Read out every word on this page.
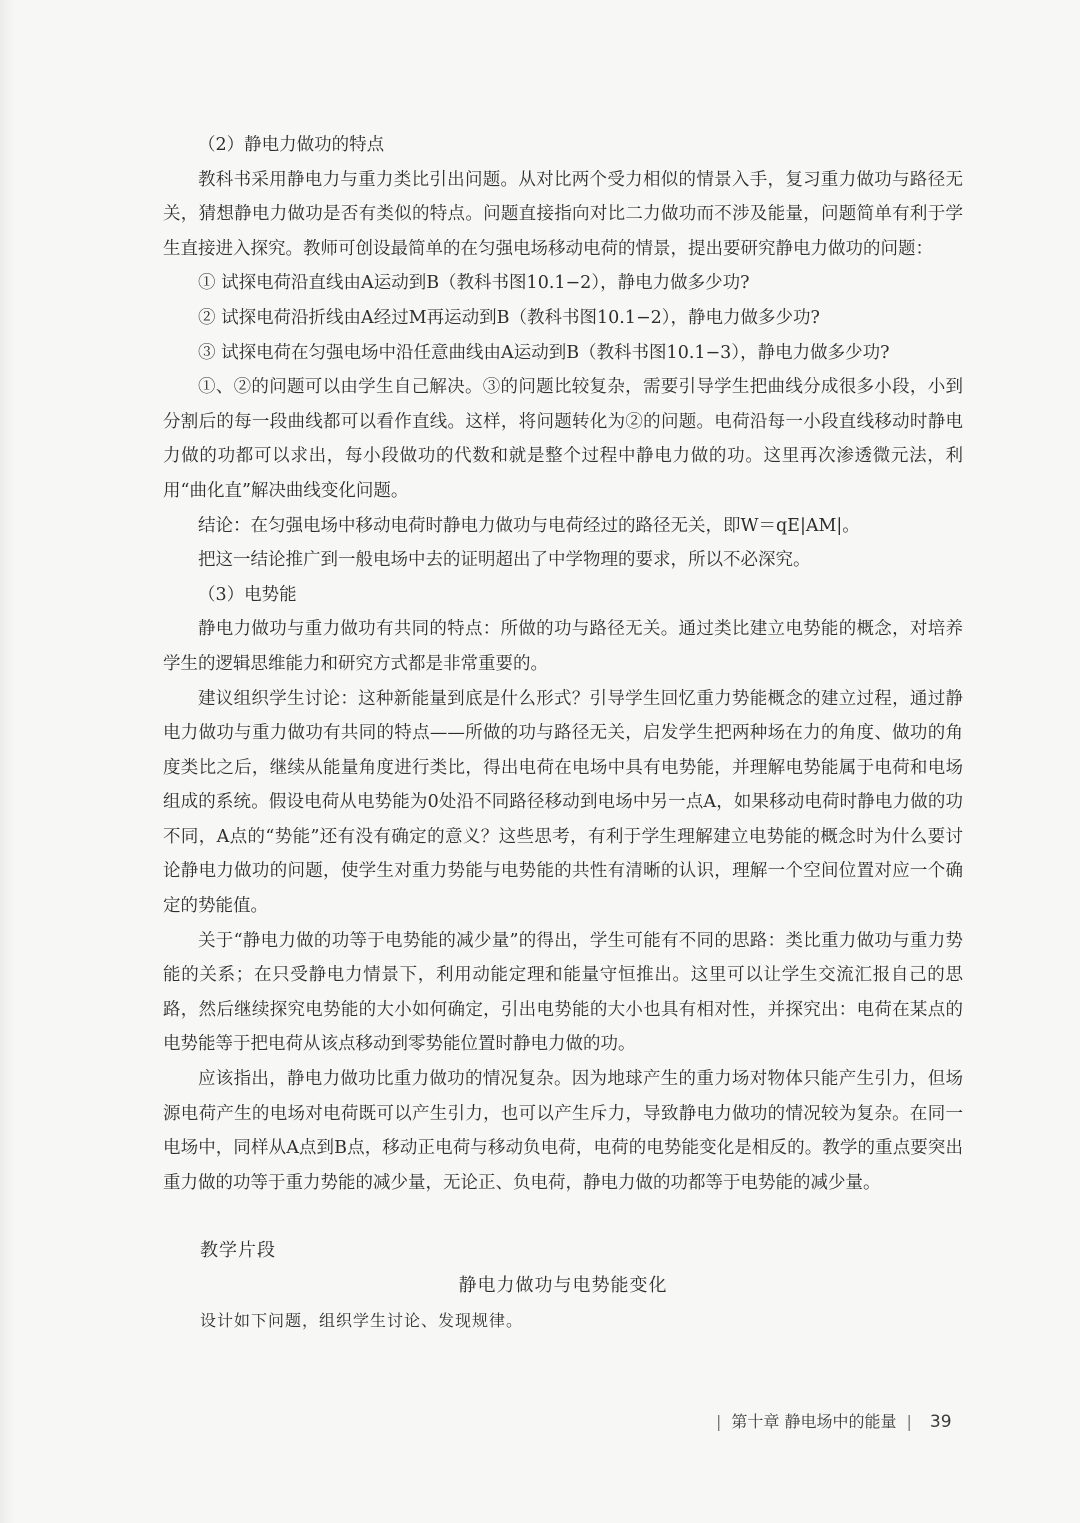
（2）静电力做功的特点

教科书采用静电力与重力类比引出问题。从对比两个受力相似的情景入手，复习重力做功与路径无关，猜想静电力做功是否有类似的特点。问题直接指向对比二力做功而不涉及能量，问题简单有利于学生直接进入探究。教师可创设最简单的在匀强电场移动电荷的情景，提出要研究静电力做功的问题：

① 试探电荷沿直线由A运动到B（教科书图10.1−2），静电力做多少功?

② 试探电荷沿折线由A经过M再运动到B（教科书图10.1−2），静电力做多少功?

③ 试探电荷在匀强电场中沿任意曲线由A运动到B（教科书图10.1−3），静电力做多少功?

①、②的问题可以由学生自己解决。③的问题比较复杂，需要引导学生把曲线分成很多小段，小到分割后的每一段曲线都可以看作直线。这样，将问题转化为②的问题。电荷沿每一小段直线移动时静电力做的功都可以求出，每小段做功的代数和就是整个过程中静电力做的功。这里再次渗透微元法，利用“曲化直”解决曲线变化问题。

结论：在匀强电场中移动电荷时静电力做功与电荷经过的路径无关，即W＝qE|AM|。

把这一结论推广到一般电场中去的证明超出了中学物理的要求，所以不必深究。

（3）电势能

静电力做功与重力做功有共同的特点：所做的功与路径无关。通过类比建立电势能的概念，对培养学生的逻辑思维能力和研究方式都是非常重要的。

建议组织学生讨论：这种新能量到底是什么形式？引导学生回忆重力势能概念的建立过程，通过静电力做功与重力做功有共同的特点——所做的功与路径无关，启发学生把两种场在力的角度、做功的角度类比之后，继续从能量角度进行类比，得出电荷在电场中具有电势能，并理解电势能属于电荷和电场组成的系统。假设电荷从电势能为0处沿不同路径移动到电场中另一点A，如果移动电荷时静电力做的功不同，A点的“势能”还有没有确定的意义？这些思考，有利于学生理解建立电势能的概念时为什么要讨论静电力做功的问题，使学生对重力势能与电势能的共性有清晰的认识，理解一个空间位置对应一个确定的势能值。

关于“静电力做的功等于电势能的减少量”的得出，学生可能有不同的思路：类比重力做功与重力势能的关系；在只受静电力情景下，利用动能定理和能量守恒推出。这里可以让学生交流汇报自己的思路，然后继续探究电势能的大小如何确定，引出电势能的大小也具有相对性，并探究出：电荷在某点的电势能等于把电荷从该点移动到零势能位置时静电力做的功。

应该指出，静电力做功比重力做功的情况复杂。因为地球产生的重力场对物体只能产生引力，但场源电荷产生的电场对电荷既可以产生引力，也可以产生斥力，导致静电力做功的情况较为复杂。在同一电场中，同样从A点到B点，移动正电荷与移动负电荷，电荷的电势能变化是相反的。教学的重点要突出重力做的功等于重力势能的减少量，无论正、负电荷，静电力做的功都等于电势能的减少量。

教学片段

静电力做功与电势能变化

设计如下问题，组织学生讨论、发现规律。

| 第十章 静电场中的能量 | 39
